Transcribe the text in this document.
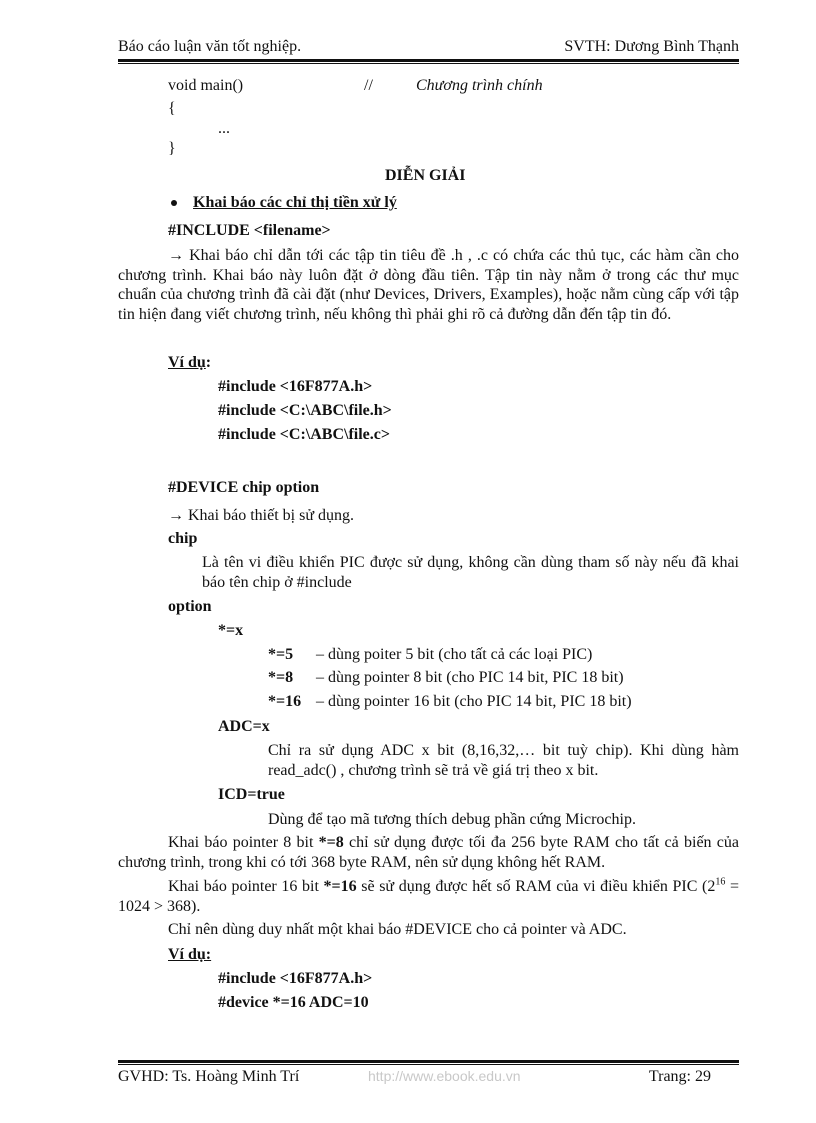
Báo cáo luận văn tốt nghiệp.	SVTH: Dương Bình Thạnh
void main()	//	Chương trình chính
{
...
}
DIỄN GIẢI
Khai báo các chỉ thị tiền xử lý
#INCLUDE <filename>
→ Khai báo chỉ dẫn tới các tập tin tiêu đề .h , .c có chứa các thủ tục, các hàm cần cho chương trình. Khai báo này luôn đặt ở dòng đầu tiên. Tập tin này nằm ở trong các thư mục chuẩn của chương trình đã cài đặt (như Devices, Drivers, Examples), hoặc nằm cùng cấp với tập tin hiện đang viết chương trình, nếu không thì phải ghi rõ cả đường dẫn đến tập tin đó.
Ví dụ:
#include <16F877A.h>
#include <C:\ABC\file.h>
#include <C:\ABC\file.c>
#DEVICE chip option
→ Khai báo thiết bị sử dụng.
chip
Là tên vi điều khiển PIC được sử dụng, không cần dùng tham số này nếu đã khai báo tên chip ở #include
option
*=x
*=5 – dùng poiter 5 bit (cho tất cả các loại PIC)
*=8 – dùng pointer 8 bit (cho PIC 14 bit, PIC 18 bit)
*=16 – dùng pointer 16 bit (cho PIC 14 bit, PIC 18 bit)
ADC=x
Chỉ ra sử dụng ADC x bit (8,16,32,… bit tuỳ chip). Khi dùng hàm read_adc() , chương trình sẽ trả về giá trị theo x bit.
ICD=true
Dùng để tạo mã tương thích debug phần cứng Microchip.
Khai báo pointer 8 bit *=8 chỉ sử dụng được tối đa 256 byte RAM cho tất cả biến của chương trình, trong khi có tới 368 byte RAM, nên sử dụng không hết RAM.
Khai báo pointer 16 bit *=16 sẽ sử dụng được hết số RAM của vi điều khiển PIC $(2^{16} = 1024 > 368)$.
Chỉ nên dùng duy nhất một khai báo #DEVICE cho cả pointer và ADC.
Ví dụ:
#include <16F877A.h>
#device *=16 ADC=10
GVHD: Ts. Hoàng Minh Trí	http://www.ebook.edu.vn	Trang: 29
